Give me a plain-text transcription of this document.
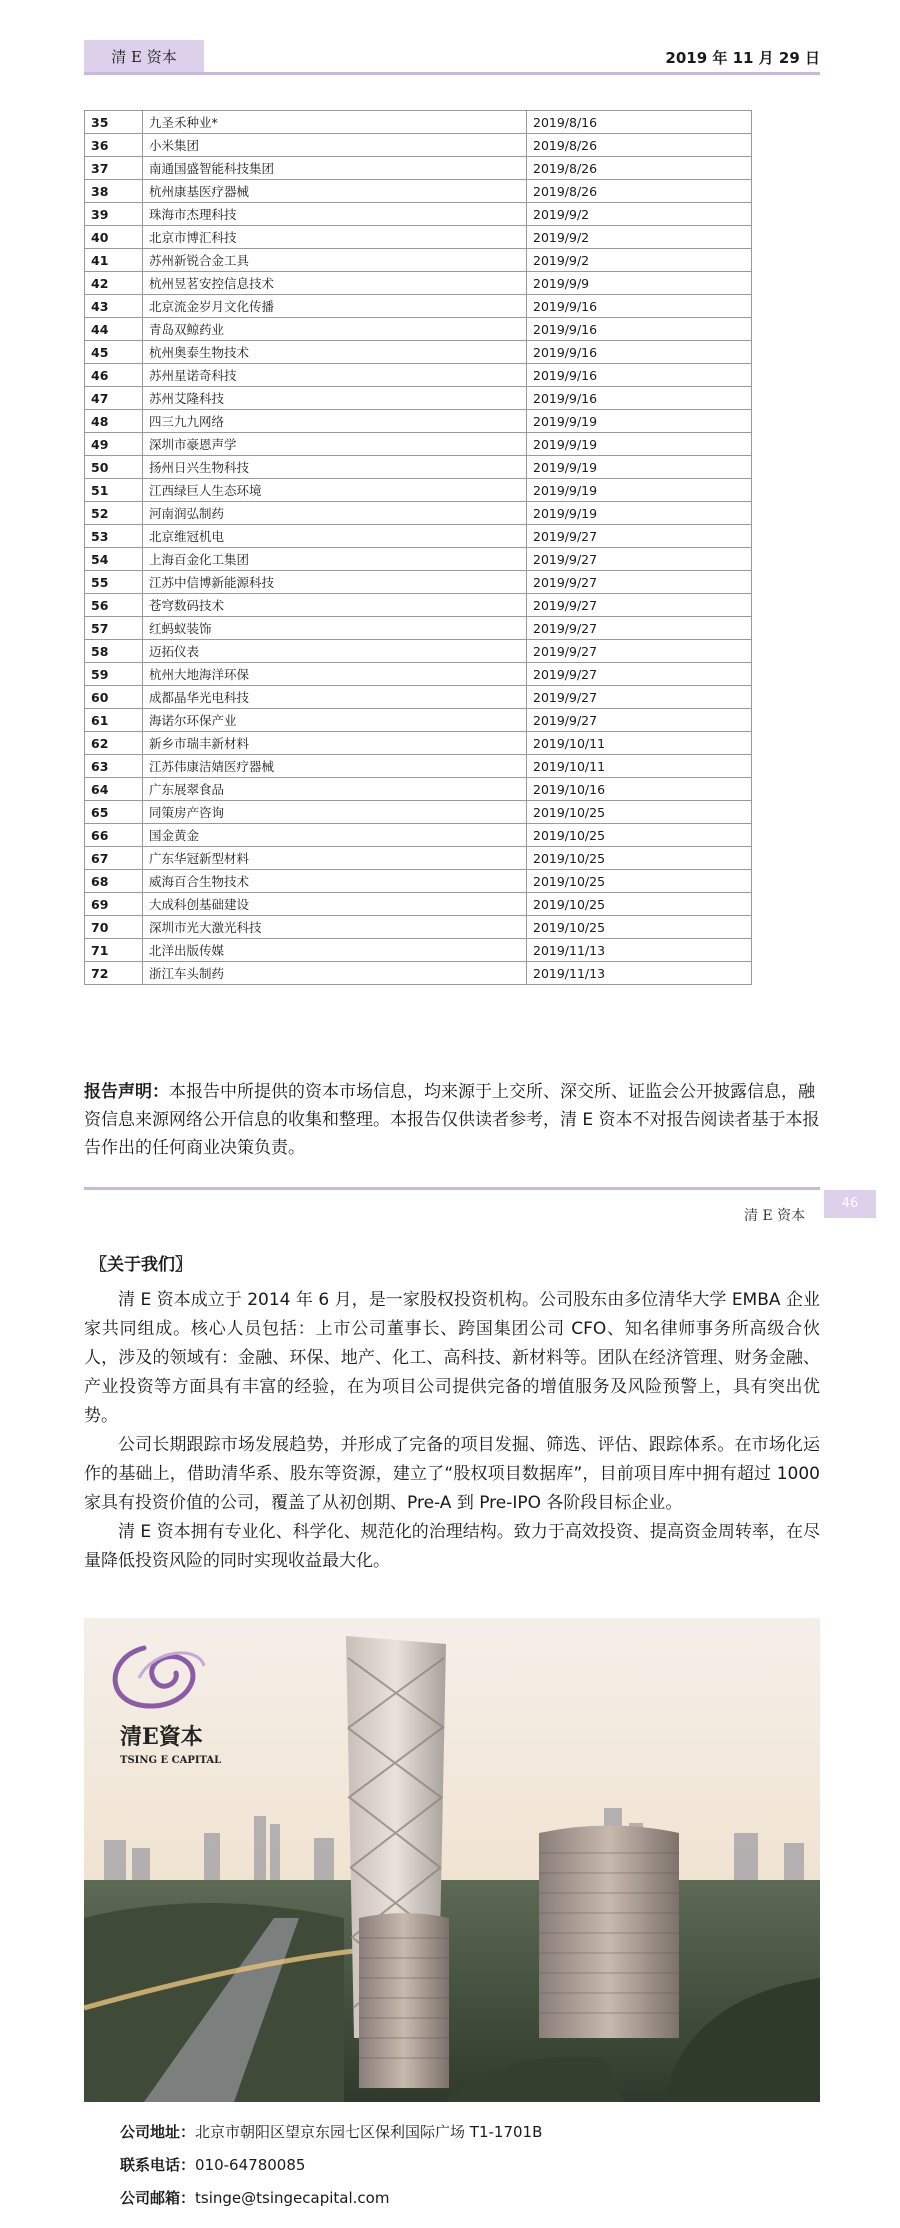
清 E 资本	2019 年 11 月 29 日
35	九圣禾种业*	2019/8/16
36	小米集团	2019/8/26
37	南通国盛智能科技集团	2019/8/26
38	杭州康基医疗器械	2019/8/26
39	珠海市杰理科技	2019/9/2
40	北京市博汇科技	2019/9/2
41	苏州新锐合金工具	2019/9/2
42	杭州昱茗安控信息技术	2019/9/9
43	北京流金岁月文化传播	2019/9/16
44	青岛双鲸药业	2019/9/16
45	杭州奥泰生物技术	2019/9/16
46	苏州星诺奇科技	2019/9/16
47	苏州艾隆科技	2019/9/16
48	四三九九网络	2019/9/19
49	深圳市豪恩声学	2019/9/19
50	扬州日兴生物科技	2019/9/19
51	江西绿巨人生态环境	2019/9/19
52	河南润弘制药	2019/9/19
53	北京维冠机电	2019/9/27
54	上海百金化工集团	2019/9/27
55	江苏中信博新能源科技	2019/9/27
56	苍穹数码技术	2019/9/27
57	红蚂蚁装饰	2019/9/27
58	迈拓仪表	2019/9/27
59	杭州大地海洋环保	2019/9/27
60	成都晶华光电科技	2019/9/27
61	海诺尔环保产业	2019/9/27
62	新乡市瑞丰新材料	2019/10/11
63	江苏伟康洁婧医疗器械	2019/10/11
64	广东展翠食品	2019/10/16
65	同策房产咨询	2019/10/25
66	国金黄金	2019/10/25
67	广东华冠新型材料	2019/10/25
68	威海百合生物技术	2019/10/25
69	大成科创基础建设	2019/10/25
70	深圳市光大激光科技	2019/10/25
71	北洋出版传媒	2019/11/13
72	浙江车头制药	2019/11/13
报告声明：本报告中所提供的资本市场信息，均来源于上交所、深交所、证监会公开披露信息，融资信息来源网络公开信息的收集和整理。本报告仅供读者参考，清 E 资本不对报告阅读者基于本报告作出的任何商业决策负责。
清 E 资本
46
〖关于我们〗

清 E 资本成立于 2014 年 6 月，是一家股权投资机构。公司股东由多位清华大学 EMBA 企业家共同组成。核心人员包括：上市公司董事长、跨国集团公司 CFO、知名律师事务所高级合伙人，涉及的领域有：金融、环保、地产、化工、高科技、新材料等。团队在经济管理、财务金融、产业投资等方面具有丰富的经验，在为项目公司提供完备的增值服务及风险预警上，具有突出优势。

公司长期跟踪市场发展趋势，并形成了完备的项目发掘、筛选、评估、跟踪体系。在市场化运作的基础上，借助清华系、股东等资源，建立了“股权项目数据库”，目前项目库中拥有超过 1000 家具有投资价值的公司，覆盖了从初创期、Pre-A 到 Pre-IPO 各阶段目标企业。

清 E 资本拥有专业化、科学化、规范化的治理结构。致力于高效投资、提高资金周转率，在尽量降低投资风险的同时实现收益最大化。

清E資本
TSING E CAPITAL
公司地址：北京市朝阳区望京东园七区保利国际广场 T1-1701B
联系电话：010-64780085
公司邮箱：tsinge@tsingecapital.com
